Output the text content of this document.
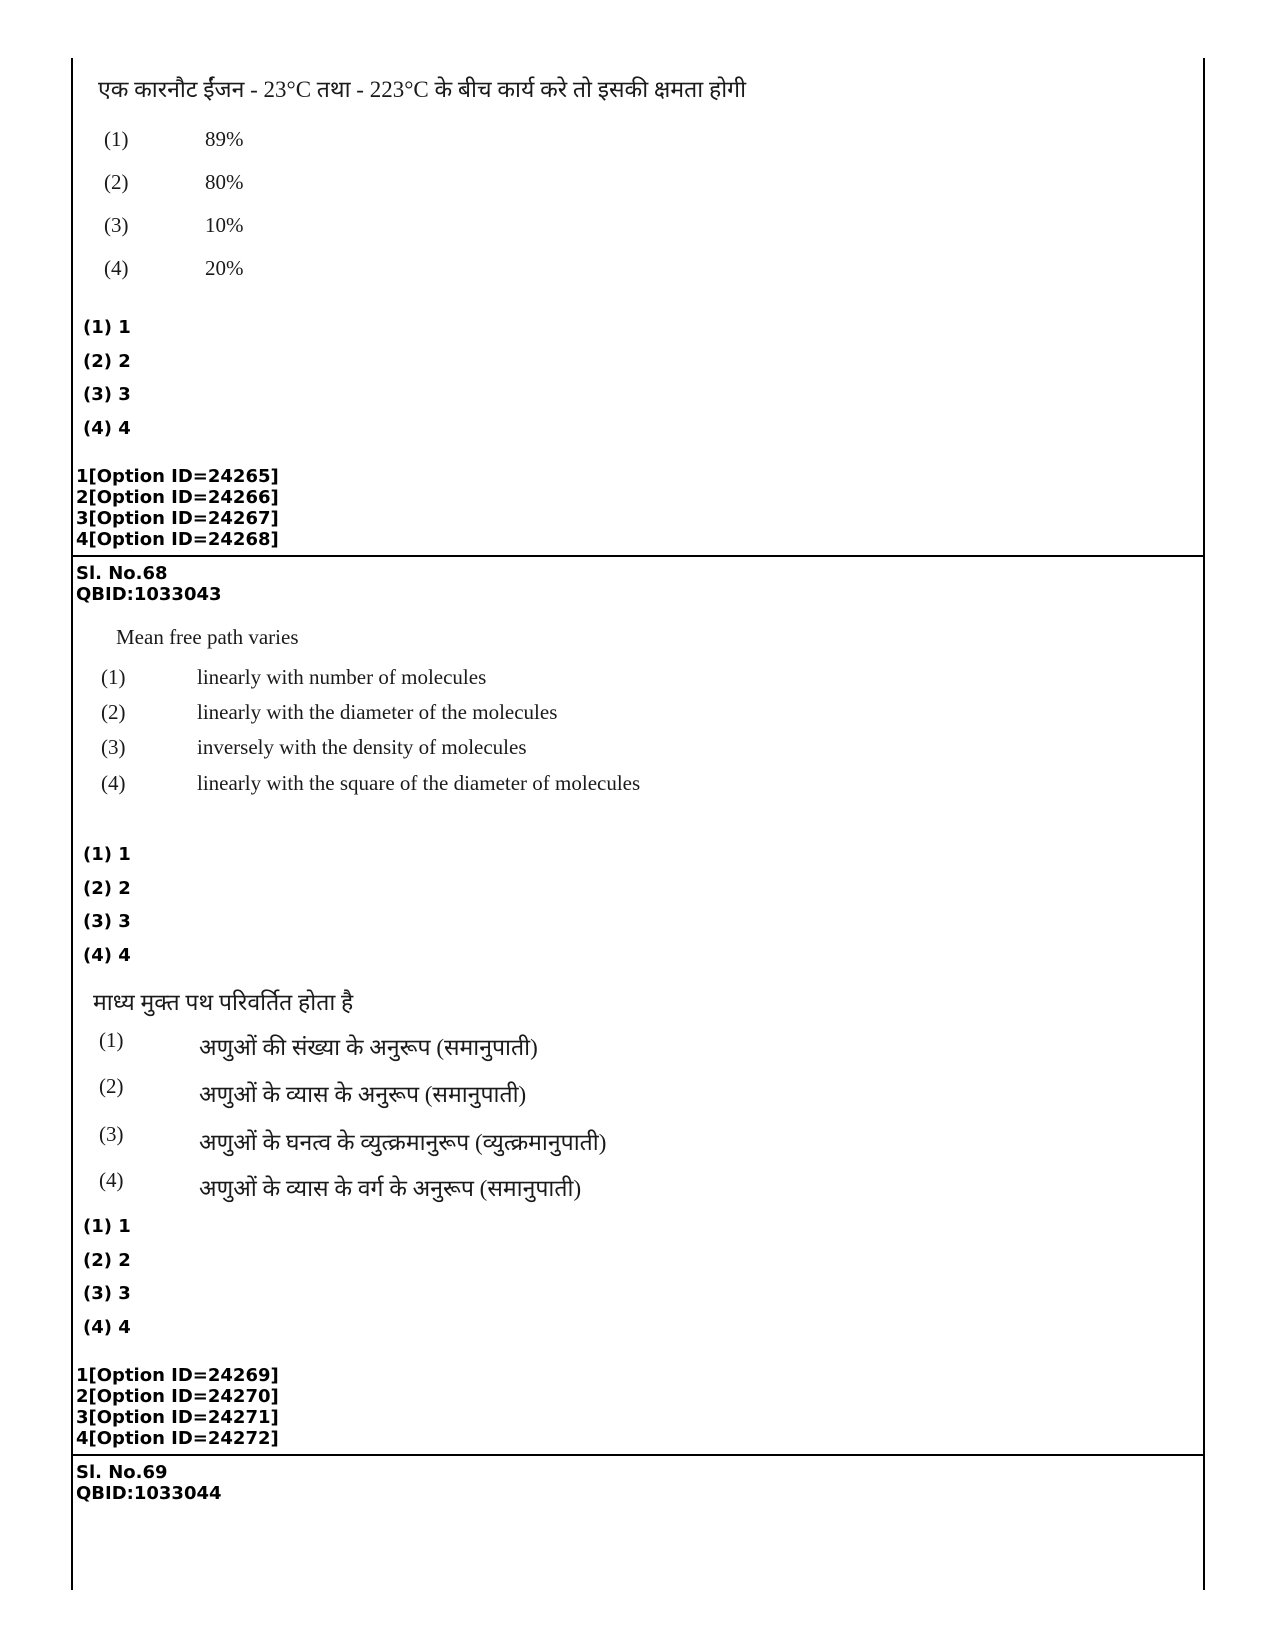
एक कारनौट ईंजन - 23°C तथा - 223°C के बीच कार्य करे तो इसकी क्षमता होगी
(1)	89%
(2)	80%
(3)	10%
(4)	20%
(1) 1
(2) 2
(3) 3
(4) 4
1[Option ID=24265]
2[Option ID=24266]
3[Option ID=24267]
4[Option ID=24268]
Sl. No.68
QBID:1033043
Mean free path varies
(1)	linearly with number of molecules
(2)	linearly with the diameter of the molecules
(3)	inversely with the density of molecules
(4)	linearly with the square of the diameter of molecules
(1) 1
(2) 2
(3) 3
(4) 4
माध्य मुक्त पथ परिवर्तित होता है
(1)	अणुओं की संख्या के अनुरूप (समानुपाती)
(2)	अणुओं के व्यास के अनुरूप (समानुपाती)
(3)	अणुओं के घनत्व के व्युत्क्रमानुरूप (व्युत्क्रमानुपाती)
(4)	अणुओं के व्यास के वर्ग के अनुरूप (समानुपाती)
(1) 1
(2) 2
(3) 3
(4) 4
1[Option ID=24269]
2[Option ID=24270]
3[Option ID=24271]
4[Option ID=24272]
Sl. No.69
QBID:1033044
